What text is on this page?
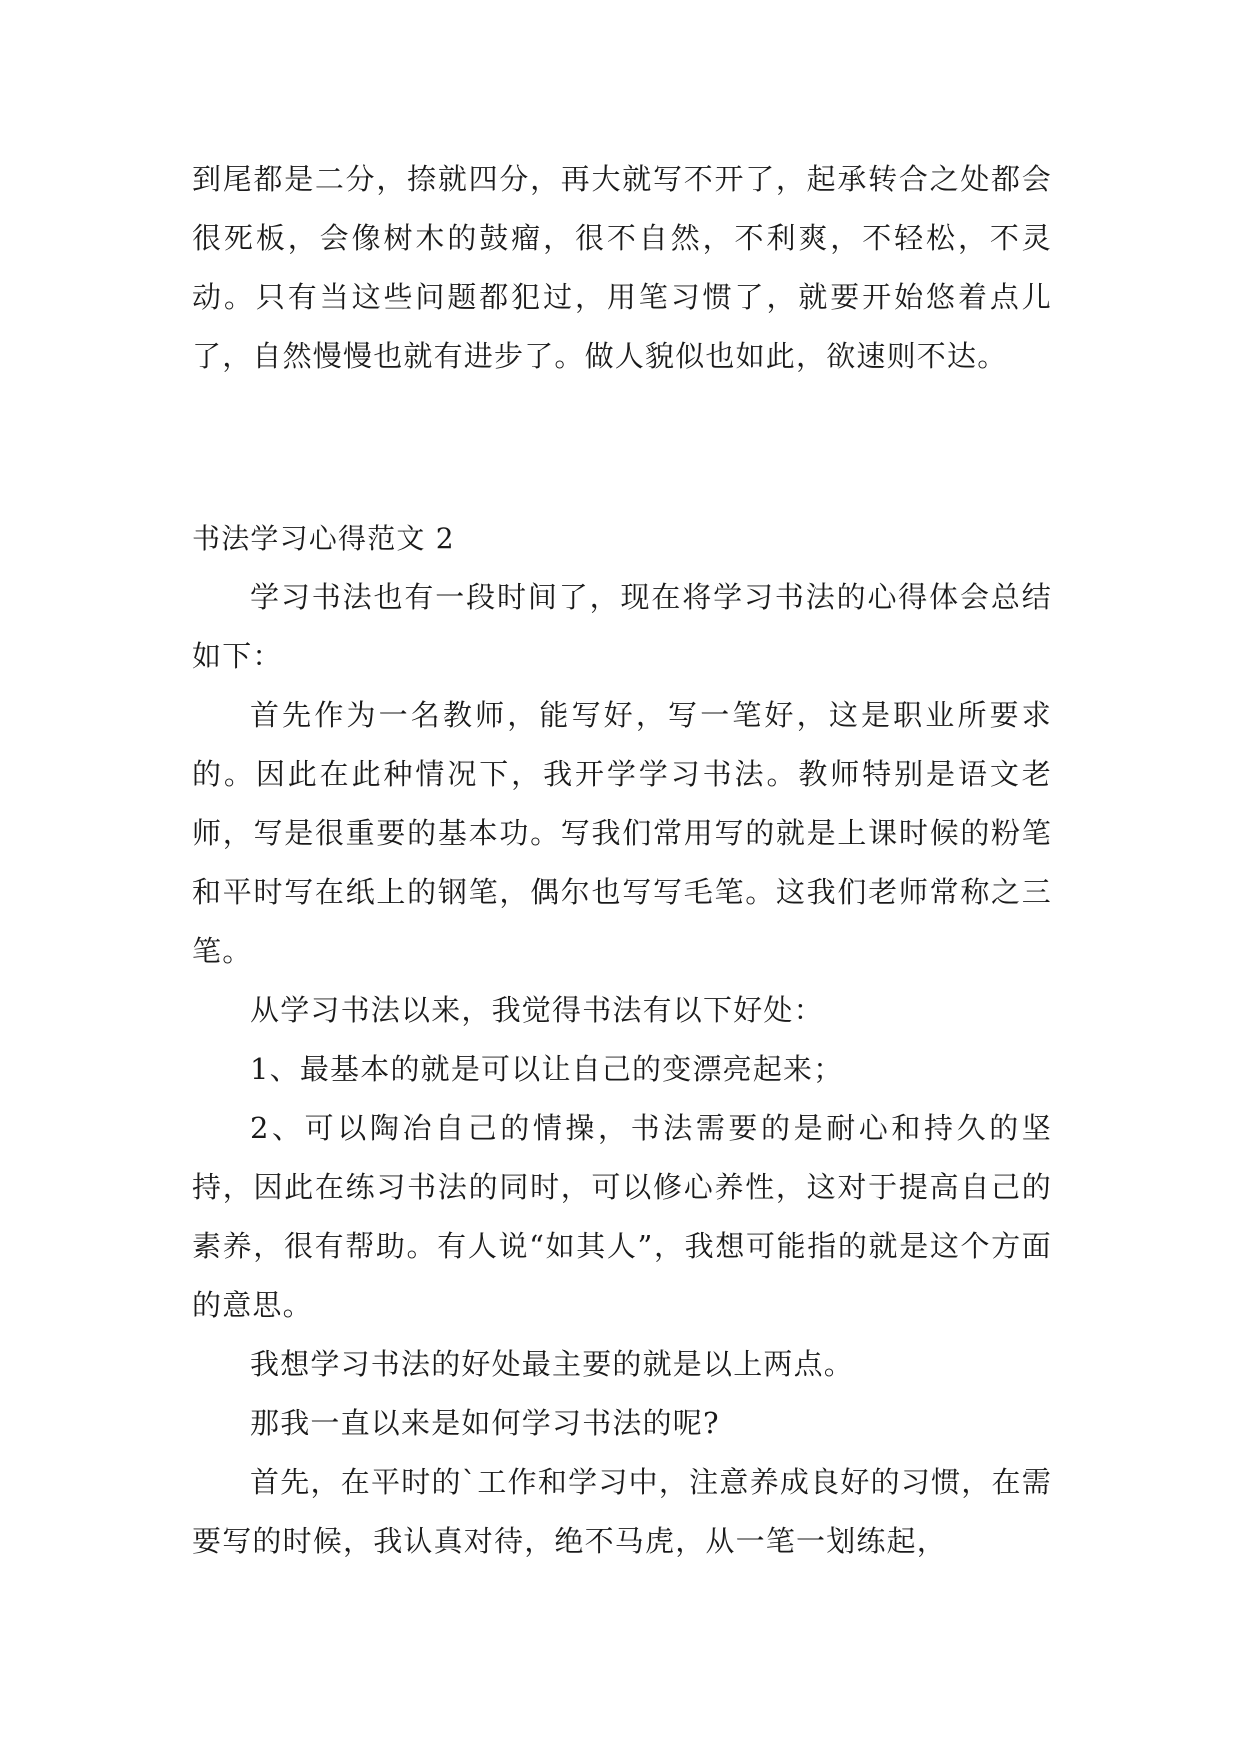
到尾都是二分，捺就四分，再大就写不开了，起承转合之处都会很死板，会像树木的鼓瘤，很不自然，不利爽，不轻松，不灵动。只有当这些问题都犯过，用笔习惯了，就要开始悠着点儿了，自然慢慢也就有进步了。做人貌似也如此，欲速则不达。

书法学习心得范文 2

学习书法也有一段时间了，现在将学习书法的心得体会总结如下：

首先作为一名教师，能写好，写一笔好，这是职业所要求的。因此在此种情况下，我开学学习书法。教师特别是语文老师，写是很重要的基本功。写我们常用写的就是上课时候的粉笔和平时写在纸上的钢笔，偶尔也写写毛笔。这我们老师常称之三笔。

从学习书法以来，我觉得书法有以下好处：

1、最基本的就是可以让自己的变漂亮起来；

2、可以陶冶自己的情操，书法需要的是耐心和持久的坚持，因此在练习书法的同时，可以修心养性，这对于提高自己的素养，很有帮助。有人说“如其人”，我想可能指的就是这个方面的意思。

我想学习书法的好处最主要的就是以上两点。

那我一直以来是如何学习书法的呢?

首先，在平时的`工作和学习中，注意养成良好的习惯，在需要写的时候，我认真对待，绝不马虎，从一笔一划练起，
